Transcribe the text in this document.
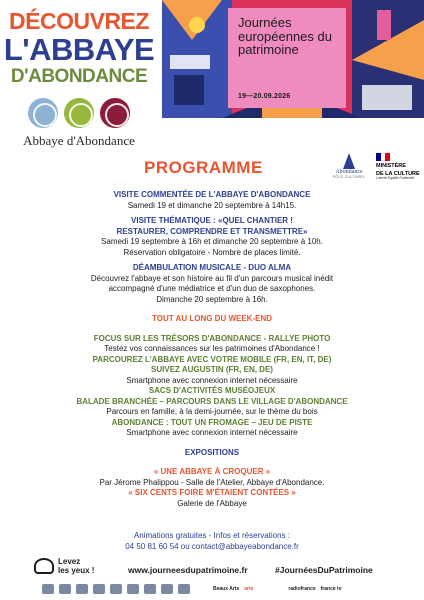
DÉCOUVREZ
L'ABBAYE
D'ABONDANCE
Abbaye d'Abondance
Journées européennes du patrimoine
19—20.09.2026
PROGRAMME	Abondance
PÔLE CULTUREL
MINISTÈRE
DE LA CULTURE
Liberté Égalité Fraternité
VISITE COMMENTÉE DE L'ABBAYE D'ABONDANCE
Samedi 19 et dimanche 20 septembre à 14h15.
VISITE THÉMATIQUE : «QUEL CHANTIER !
RESTAURER, COMPRENDRE ET TRANSMETTRE»
Samedi 19 septembre à 16h et dimanche 20 septembre à 10h.
Réservation obligatoire - Nombre de places limité.
DÉAMBULATION MUSICALE - DUO ALMA
Découvrez l'abbaye et son histoire au fil d'un parcours musical inédit
accompagné d'une médiatrice et d'un duo de saxophones.
Dimanche 20 septembre à 16h.
TOUT AU LONG DU WEEK-END
FOCUS SUR LES TRÉSORS D'ABONDANCE - RALLYE PHOTO
Testez vos connaissances sur les patrimoines d'Abondance !
PARCOUREZ L'ABBAYE AVEC VOTRE MOBILE (FR, EN, IT, DE)
SUIVEZ AUGUSTIN (FR, EN, DE)
Smartphone avec connexion internet nécessaire
SACS D'ACTIVITÉS MUSÉOJEUX
BALADE BRANCHÉE – PARCOURS DANS LE VILLAGE D'ABONDANCE
Parcours en famille, à la demi-journée, sur le thème du bois
ABONDANCE : TOUT UN FROMAGE – JEU DE PISTE
Smartphone avec connexion internet nécessaire
EXPOSITIONS
« UNE ABBAYE À CROQUER »
Par Jérome Phalippou - Salle de l'Atelier, Abbaye d'Abondance.
« SIX CENTS FOIRE M'ÉTAIENT CONTÉES »
Galerie de l'Abbaye
Animations gratuites - Infos et réservations :
04 50 81 60 54 ou contact@abbayeabondance.fr
Levez
les yeux !	www.journeesdupatrimoine.fr	#JournéesDuPatrimoine
Beaux Arts arte	radiofrance france tv
